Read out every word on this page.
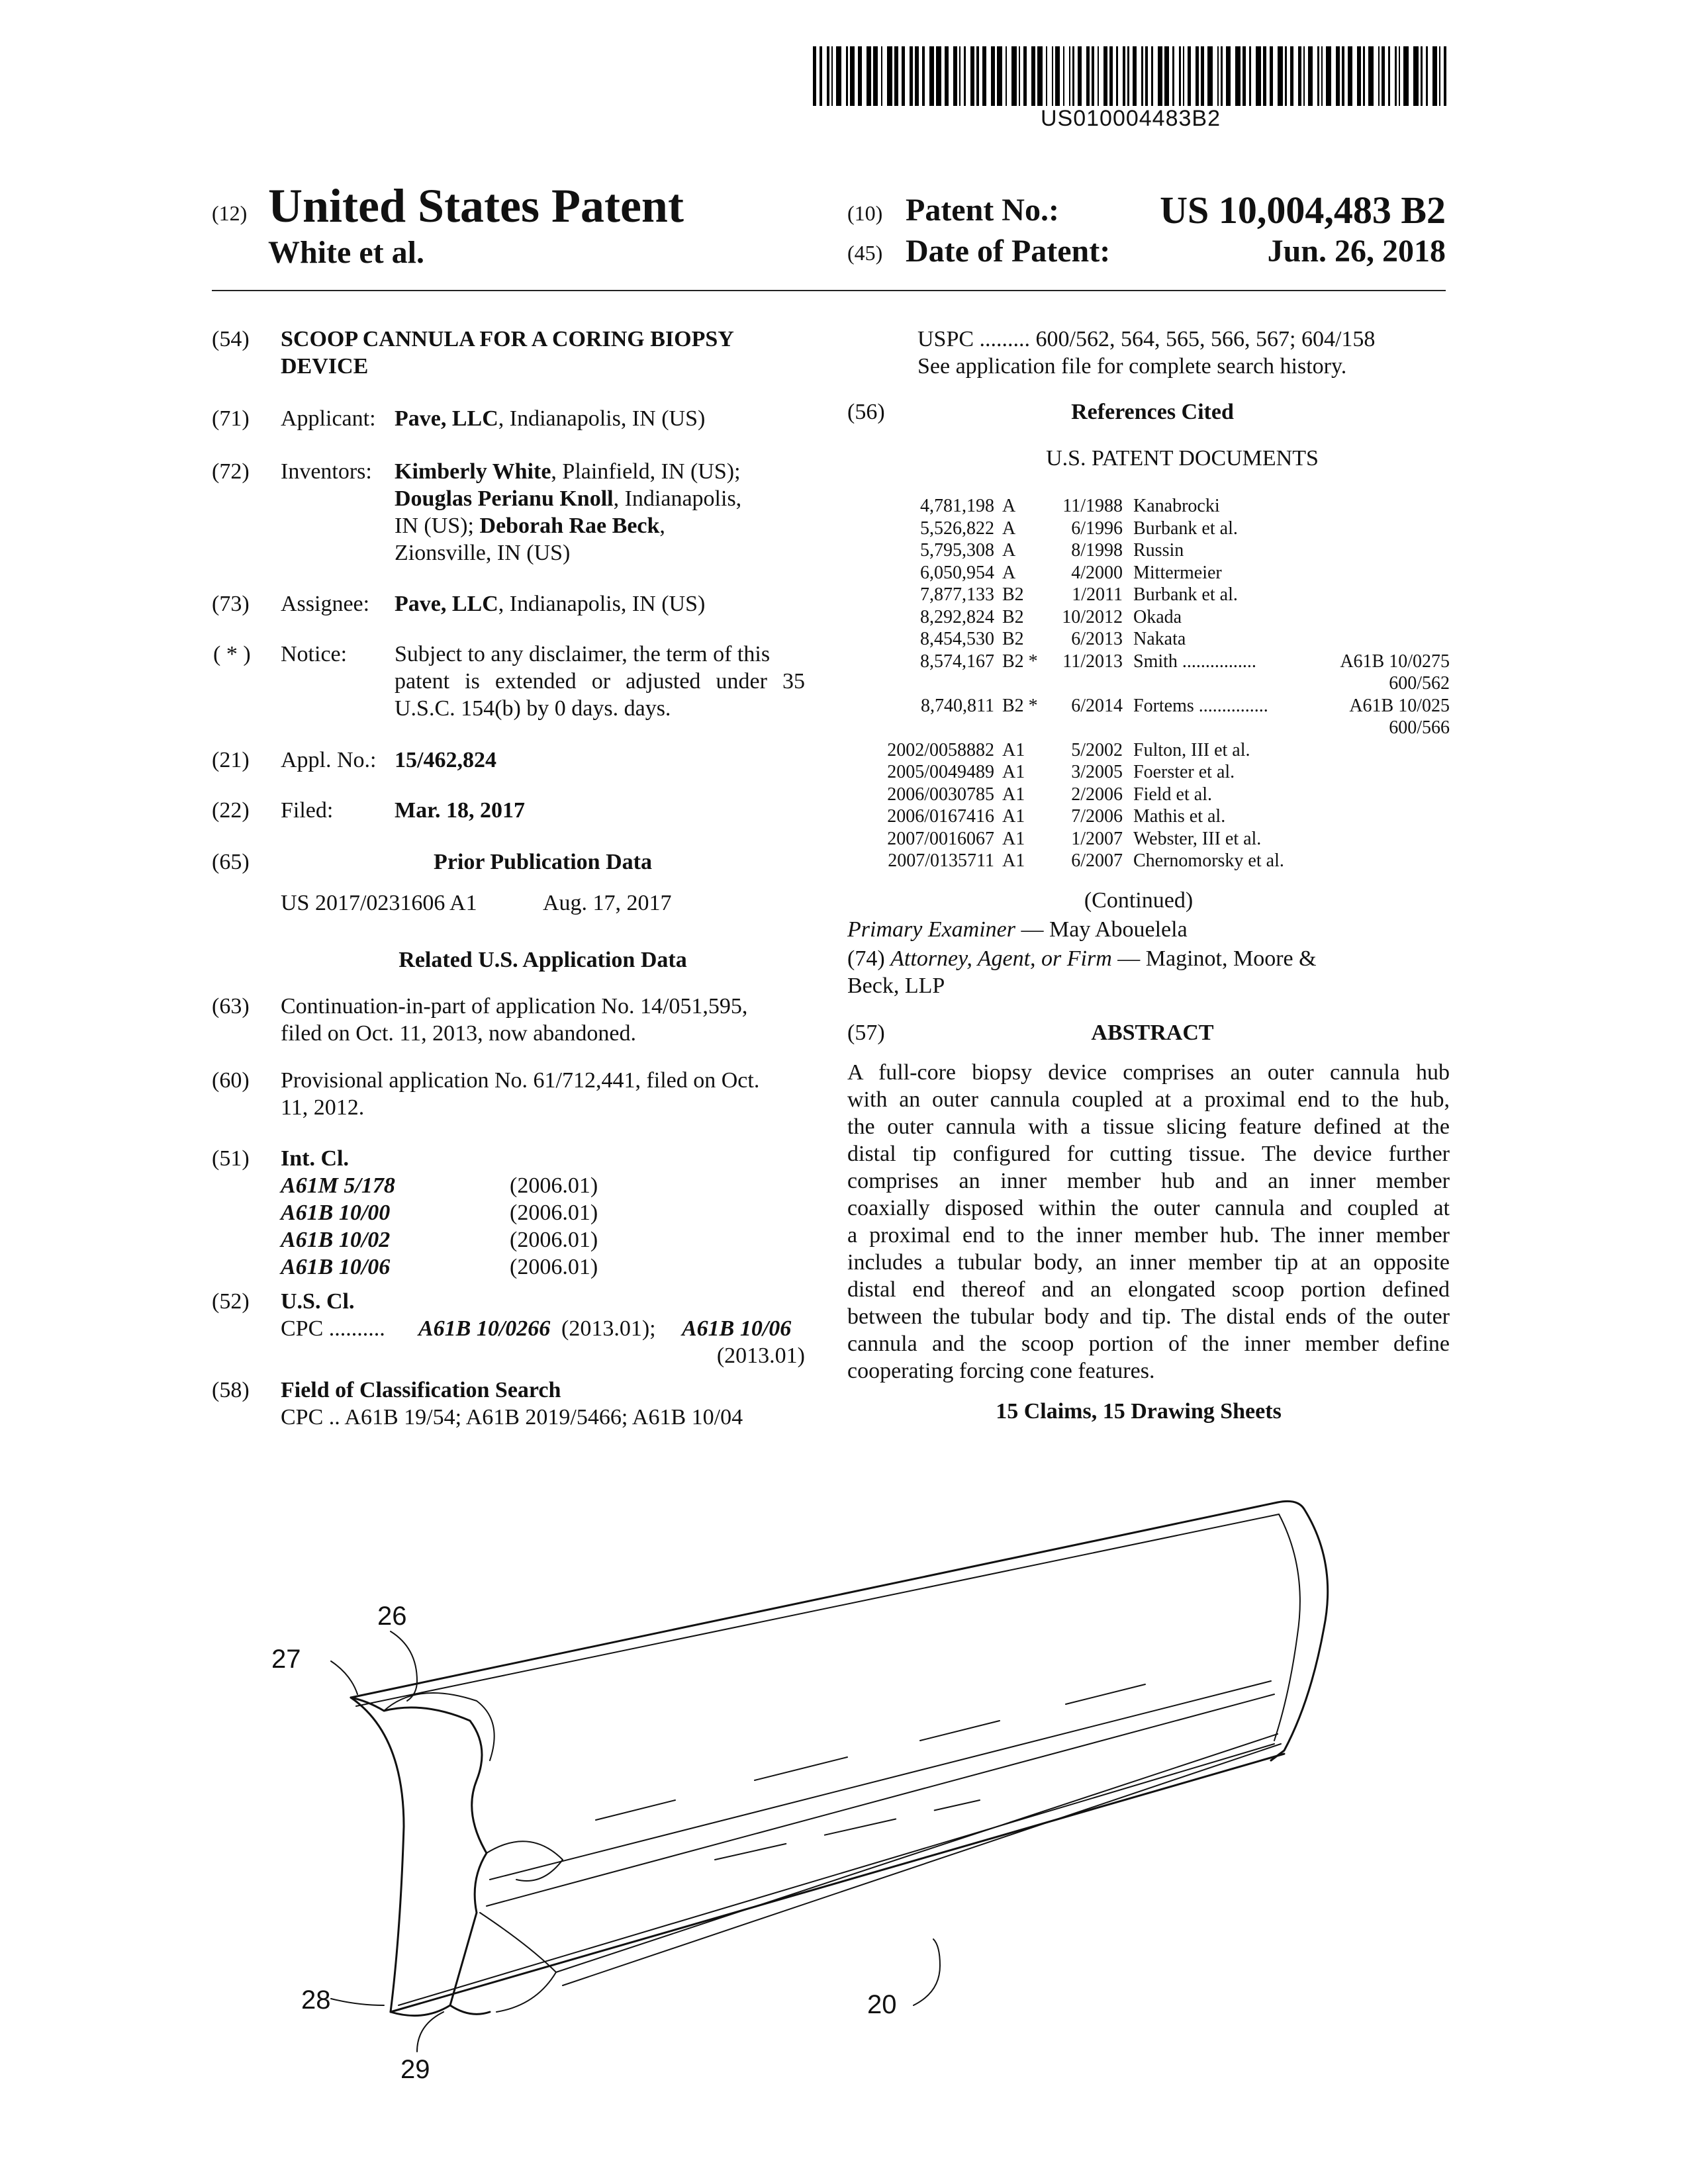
US010004483B2
(12) United States Patent
White et al.
(10) Patent No.:	US 10,004,483 B2
(45) Date of Patent:	Jun. 26, 2018
(54)	SCOOP CANNULA FOR A CORING BIOPSY
DEVICE
(71)	Applicant: Pave, LLC, Indianapolis, IN (US)
(72)	Inventors: Kimberly White, Plainfield, IN (US);
Douglas Perianu Knoll, Indianapolis,
IN (US); Deborah Rae Beck,
Zionsville, IN (US)
(73)	Assignee: Pave, LLC, Indianapolis, IN (US)
( * )	Notice: Subject to any disclaimer, the term of this
patent is extended or adjusted under 35
U.S.C. 154(b) by 0 days. days.
(21)	Appl. No.: 15/462,824
(22)	Filed:	Mar. 18, 2017
(65)	Prior Publication Data
US 2017/0231606 A1	Aug. 17, 2017
Related U.S. Application Data
(63)	Continuation-in-part of application No. 14/051,595,
filed on Oct. 11, 2013, now abandoned.
(60)	Provisional application No. 61/712,441, filed on Oct.
11, 2012.
(51)	Int. Cl.
A61M 5/178	(2006.01)
A61B 10/00	(2006.01)
A61B 10/02	(2006.01)
A61B 10/06	(2006.01)
(52)	U.S. Cl.
CPC .......... A61B 10/0266 (2013.01); A61B 10/06
(2013.01)
(58)	Field of Classification Search
CPC .. A61B 19/54; A61B 2019/5466; A61B 10/04
USPC ......... 600/562, 564, 565, 566, 567; 604/158
See application file for complete search history.
(56)	References Cited
U.S. PATENT DOCUMENTS
4,781,198 A	11/1988 Kanabrocki
5,526,822 A	6/1996 Burbank et al.
5,795,308 A	8/1998 Russin
6,050,954 A	4/2000 Mittermeier
7,877,133 B2	1/2011 Burbank et al.
8,292,824 B2	10/2012 Okada
8,454,530 B2	6/2013 Nakata
8,574,167 B2 *	11/2013 Smith ................	A61B 10/0275
600/562
8,740,811 B2 *	6/2014 Fortems ...............	A61B 10/025
600/566
2002/0058882 A1	5/2002 Fulton, III et al.
2005/0049489 A1	3/2005 Foerster et al.
2006/0030785 A1	2/2006 Field et al.
2006/0167416 A1	7/2006 Mathis et al.
2007/0016067 A1	1/2007 Webster, III et al.
2007/0135711 A1	6/2007 Chernomorsky et al.
(Continued)
Primary Examiner — May Abouelela
(74) Attorney, Agent, or Firm — Maginot, Moore &
Beck, LLP
(57)	ABSTRACT
A full-core biopsy device comprises an outer cannula hub
with an outer cannula coupled at a proximal end to the hub,
the outer cannula with a tissue slicing feature defined at the
distal tip configured for cutting tissue. The device further
comprises an inner member hub and an inner member
coaxially disposed within the outer cannula and coupled at
a proximal end to the inner member hub. The inner member
includes a tubular body, an inner member tip at an opposite
distal end thereof and an elongated scoop portion defined
between the tubular body and tip. The distal ends of the outer
cannula and the scoop portion of the inner member define
cooperating forcing cone features.
15 Claims, 15 Drawing Sheets
26
27
28
29
20
